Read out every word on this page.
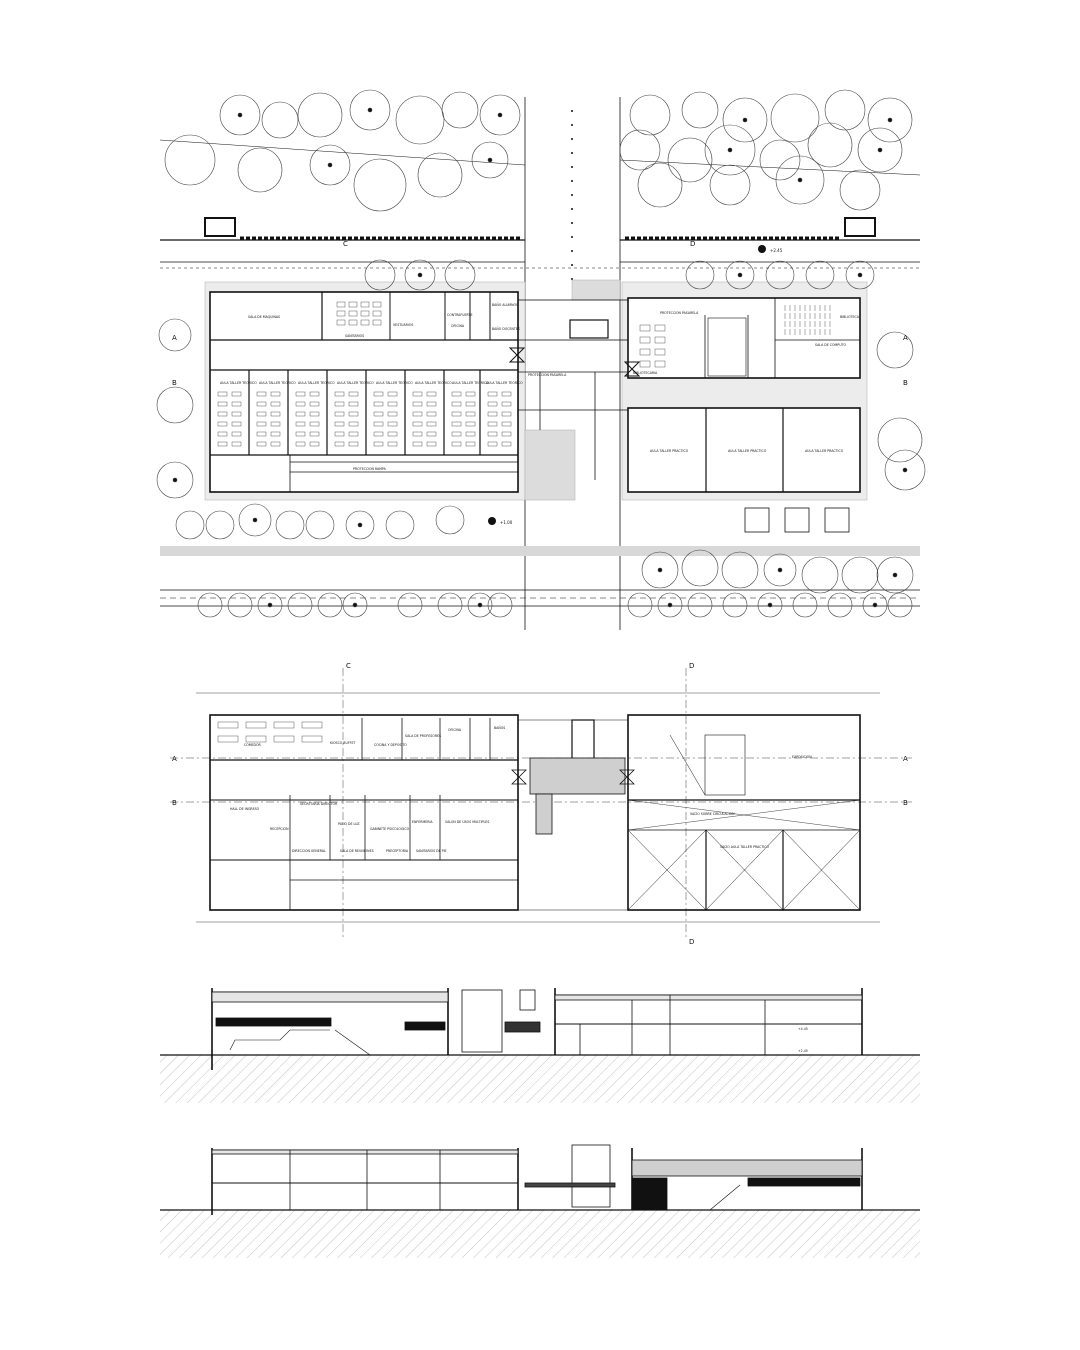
A	A
B	B
C	D
+2.45
+1.00
SALA DE MAQUINAS
SANITARIOS
CONTRAFUERTE
VESTUARIOS	OFICINA
BAÑO ALUMNOS
BAÑO DOCENTES
PROTECCION RAMPA
PROTECCION PASARELA
PROTECCION PASARELA
SALA DE COMPUTO
BIBLIOTECA
BIBLIOTECARIA
AULA TALLER TEORICO AULA TALLER TEORICO AULA TALLER TEORICO AULA TALLER TEORICO AULA TALLER TEORICO AULA TALLER TEORICO AULA TALLER TEORICO
AULA TALLER TEORICO
AULA TALLER PRACTICO	AULA TALLER PRACTICO	AULA TALLER PRACTICO
A	A
B	B
C	D
D
COMEDOR	KIOSCO BUFFET	COCINA Y DEPOSITO
SALA DE PROFESORES
OFICINA	BAÑOS
HALL DE INGRESO
RECEPCION
SECRETARIA DIRECTOR
PATIO DE LUZ
DIRECCION GENERAL	SALA DE REUNIONES	PRECEPTORIA
GABINETE PSICOLOGICO
ENFERMERIA
SANITARIOS DE PIE
SALON DE USOS MULTIPLES
EXPOSICION
VACIO SOBRE CIRCULACION
VACIO AULA TALLER PRACTICO
+4.45
+2.45
